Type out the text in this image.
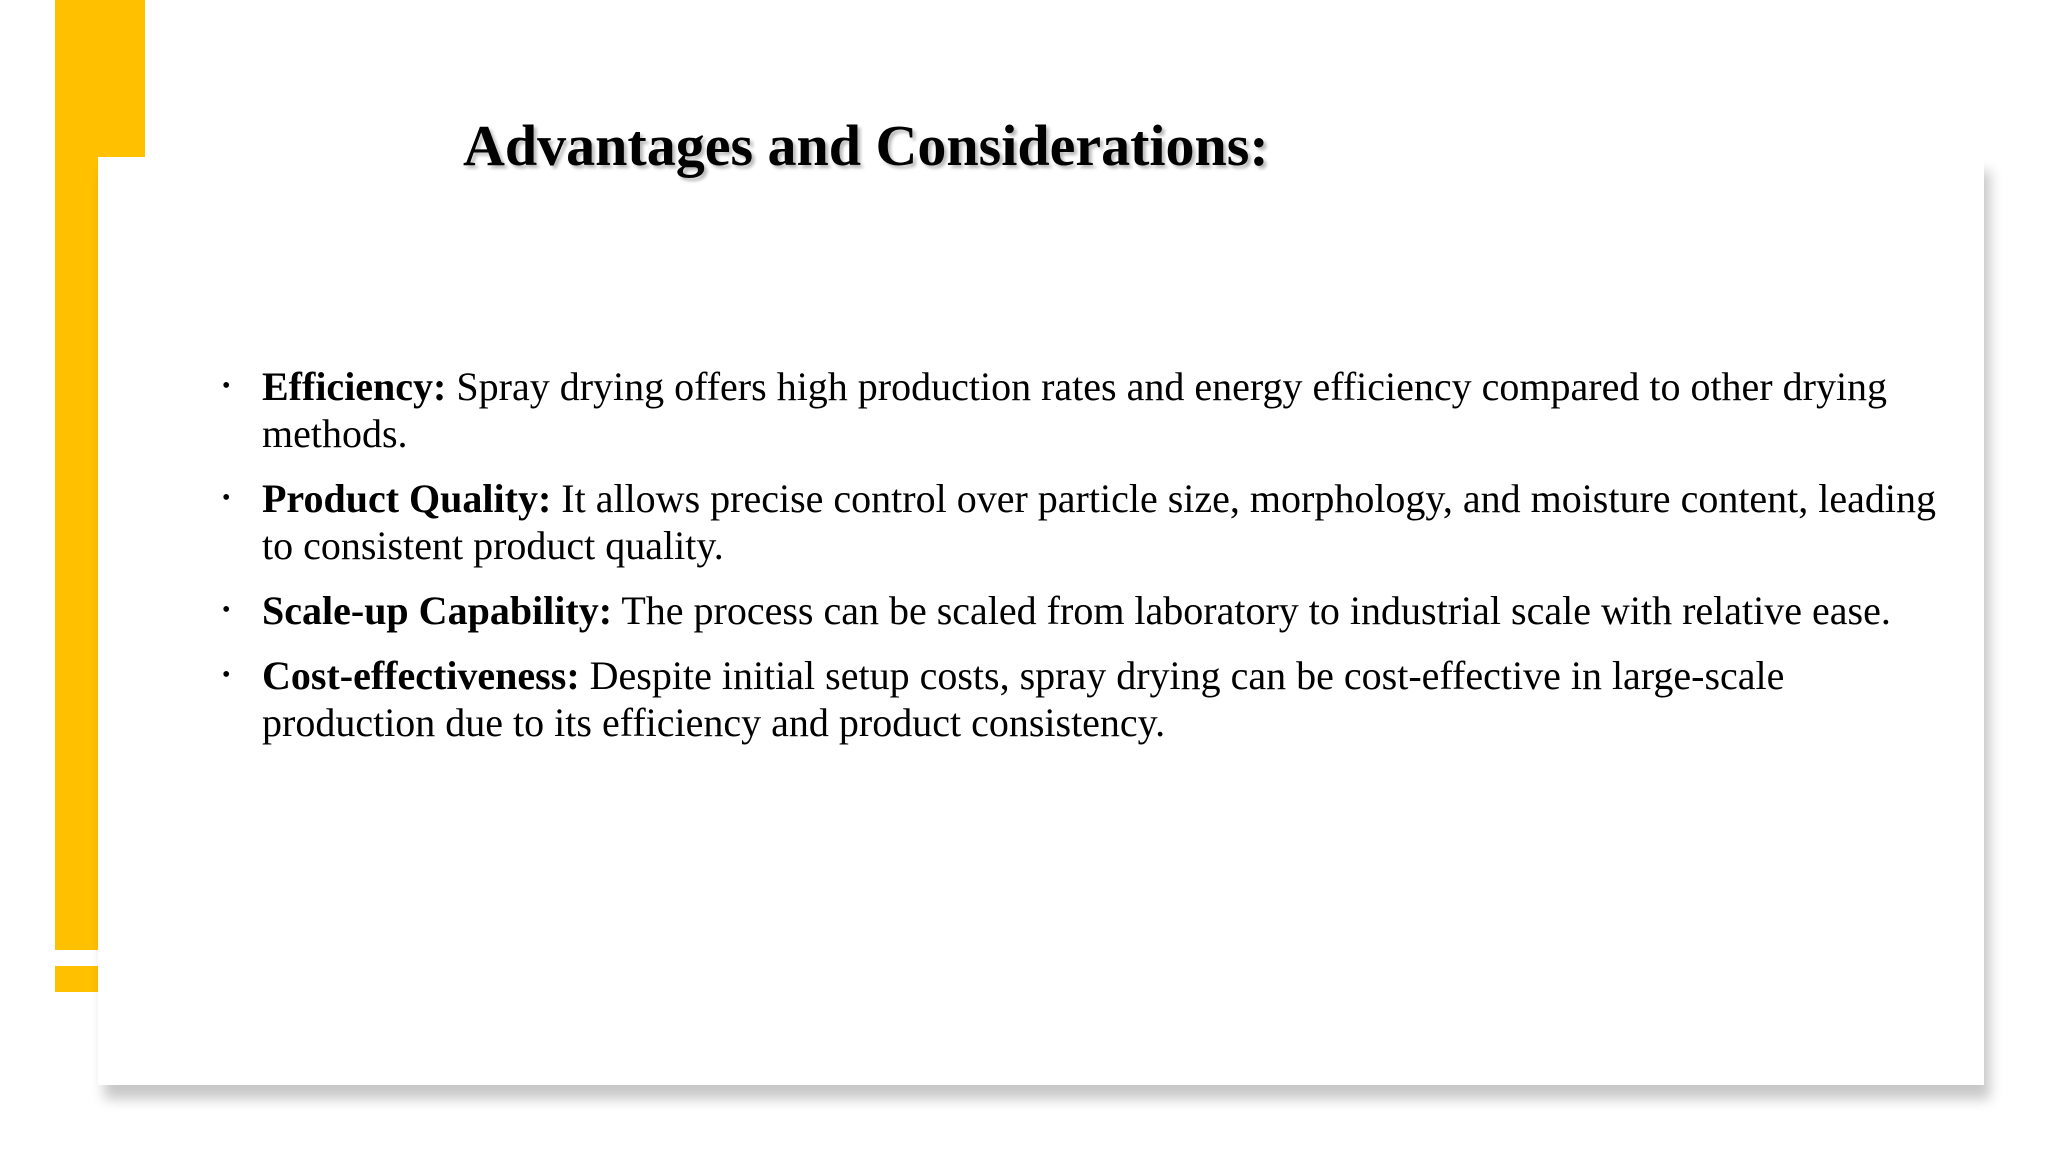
Advantages and Considerations:
• Efficiency: Spray drying offers high production rates and energy efficiency compared to other drying methods.
• Product Quality: It allows precise control over particle size, morphology, and moisture content, leading to consistent product quality.
• Scale-up Capability: The process can be scaled from laboratory to industrial scale with relative ease.
• Cost-effectiveness: Despite initial setup costs, spray drying can be cost-effective in large-scale production due to its efficiency and product consistency.
